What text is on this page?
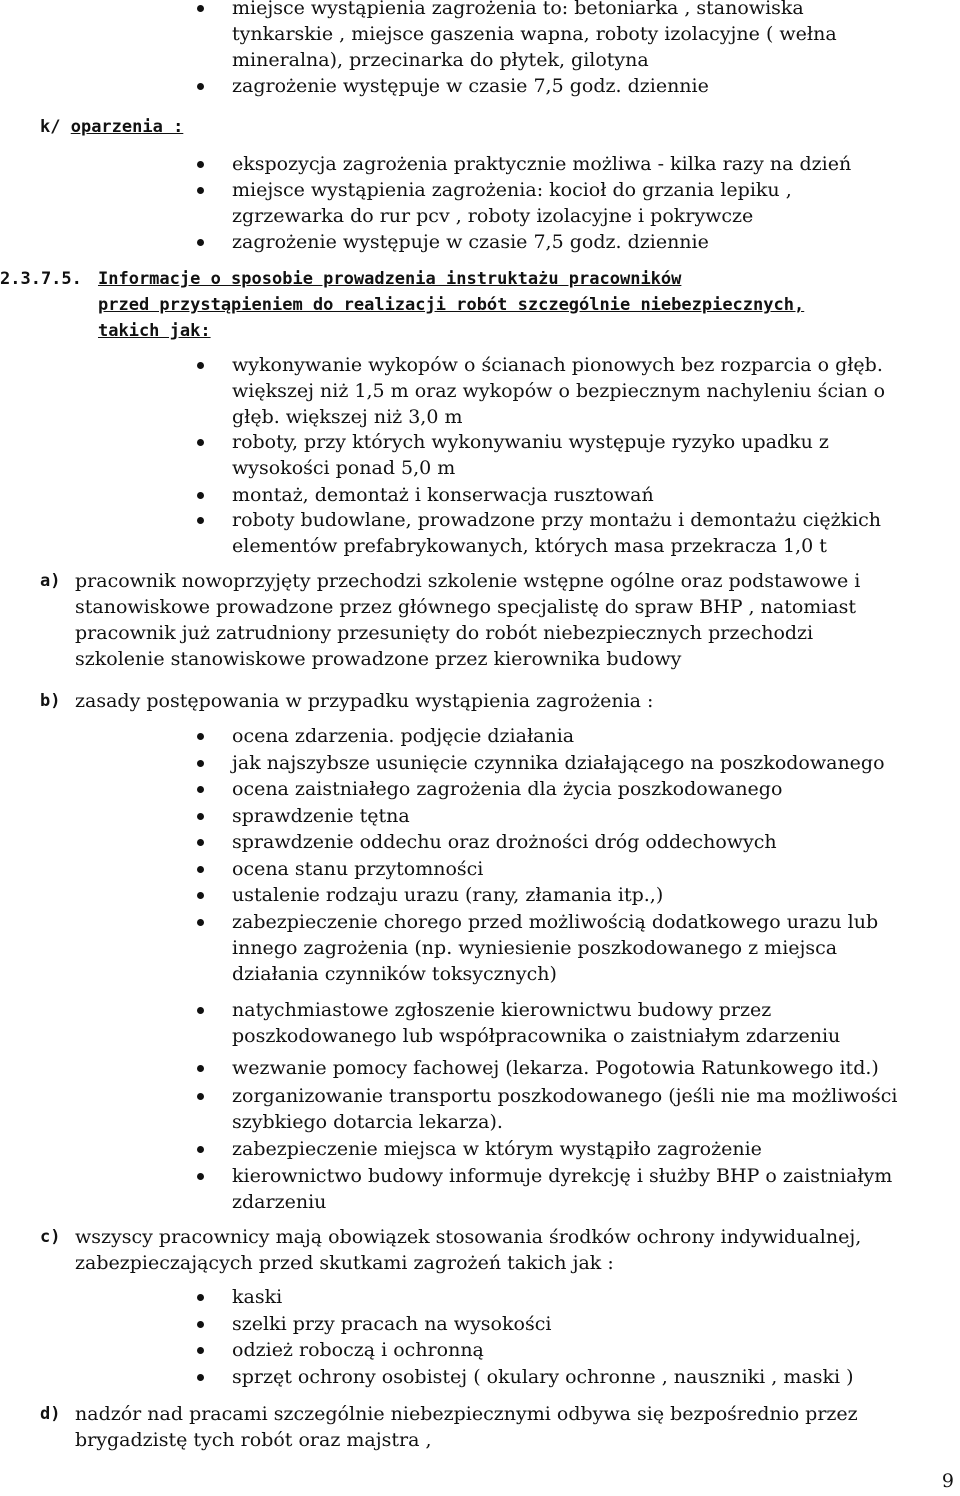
miejsce wystąpienia zagrożenia to: betoniarka , stanowiska
tynkarskie , miejsce gaszenia wapna, roboty izolacyjne ( wełna
mineralna), przecinarka do płytek, gilotyna
zagrożenie występuje w czasie 7,5 godz. dziennie
k/ oparzenia :
ekspozycja zagrożenia praktycznie możliwa - kilka razy na dzień
miejsce wystąpienia zagrożenia: kocioł do grzania lepiku ,
zgrzewarka do rur pcv , roboty izolacyjne i pokrywcze
zagrożenie występuje w czasie 7,5 godz. dziennie
2.3.7.5. Informacje o sposobie prowadzenia instruktażu pracowników
przed przystąpieniem do realizacji robót szczególnie niebezpiecznych,
takich jak:
wykonywanie wykopów o ścianach pionowych bez rozparcia o głęb.
większej niż 1,5 m oraz wykopów o bezpiecznym nachyleniu ścian o
głęb. większej niż 3,0 m
roboty, przy których wykonywaniu występuje ryzyko upadku z
wysokości ponad 5,0 m
montaż, demontaż i konserwacja rusztowań
roboty budowlane, prowadzone przy montażu i demontażu ciężkich
elementów prefabrykowanych, których masa przekracza 1,0 t
a) pracownik nowoprzyjęty przechodzi szkolenie wstępne ogólne oraz podstawowe i
stanowiskowe prowadzone przez głównego specjalistę do spraw BHP , natomiast
pracownik już zatrudniony przesunięty do robót niebezpiecznych przechodzi
szkolenie stanowiskowe prowadzone przez kierownika budowy
b) zasady postępowania w przypadku wystąpienia zagrożenia :
ocena zdarzenia. podjęcie działania
jak najszybsze usunięcie czynnika działającego na poszkodowanego
ocena zaistniałego zagrożenia dla życia poszkodowanego
sprawdzenie tętna
sprawdzenie oddechu oraz drożności dróg oddechowych
ocena stanu przytomności
ustalenie rodzaju urazu (rany, złamania itp.,)
zabezpieczenie chorego przed możliwością dodatkowego urazu lub
innego zagrożenia (np. wyniesienie poszkodowanego z miejsca
działania czynników toksycznych)
natychmiastowe zgłoszenie kierownictwu budowy przez
poszkodowanego lub współpracownika o zaistniałym zdarzeniu
wezwanie pomocy fachowej (lekarza. Pogotowia Ratunkowego itd.)
zorganizowanie transportu poszkodowanego (jeśli nie ma możliwości
szybkiego dotarcia lekarza).
zabezpieczenie miejsca w którym wystąpiło zagrożenie
kierownictwo budowy informuje dyrekcję i służby BHP o zaistniałym
zdarzeniu
c) wszyscy pracownicy mają obowiązek stosowania środków ochrony indywidualnej,
zabezpieczających przed skutkami zagrożeń takich jak :
kaski
szelki przy pracach na wysokości
odzież roboczą i ochronną
sprzęt ochrony osobistej ( okulary ochronne , nauszniki , maski )
d) nadzór nad pracami szczególnie niebezpiecznymi odbywa się bezpośrednio przez
brygadzistę tych robót oraz majstra ,
9
